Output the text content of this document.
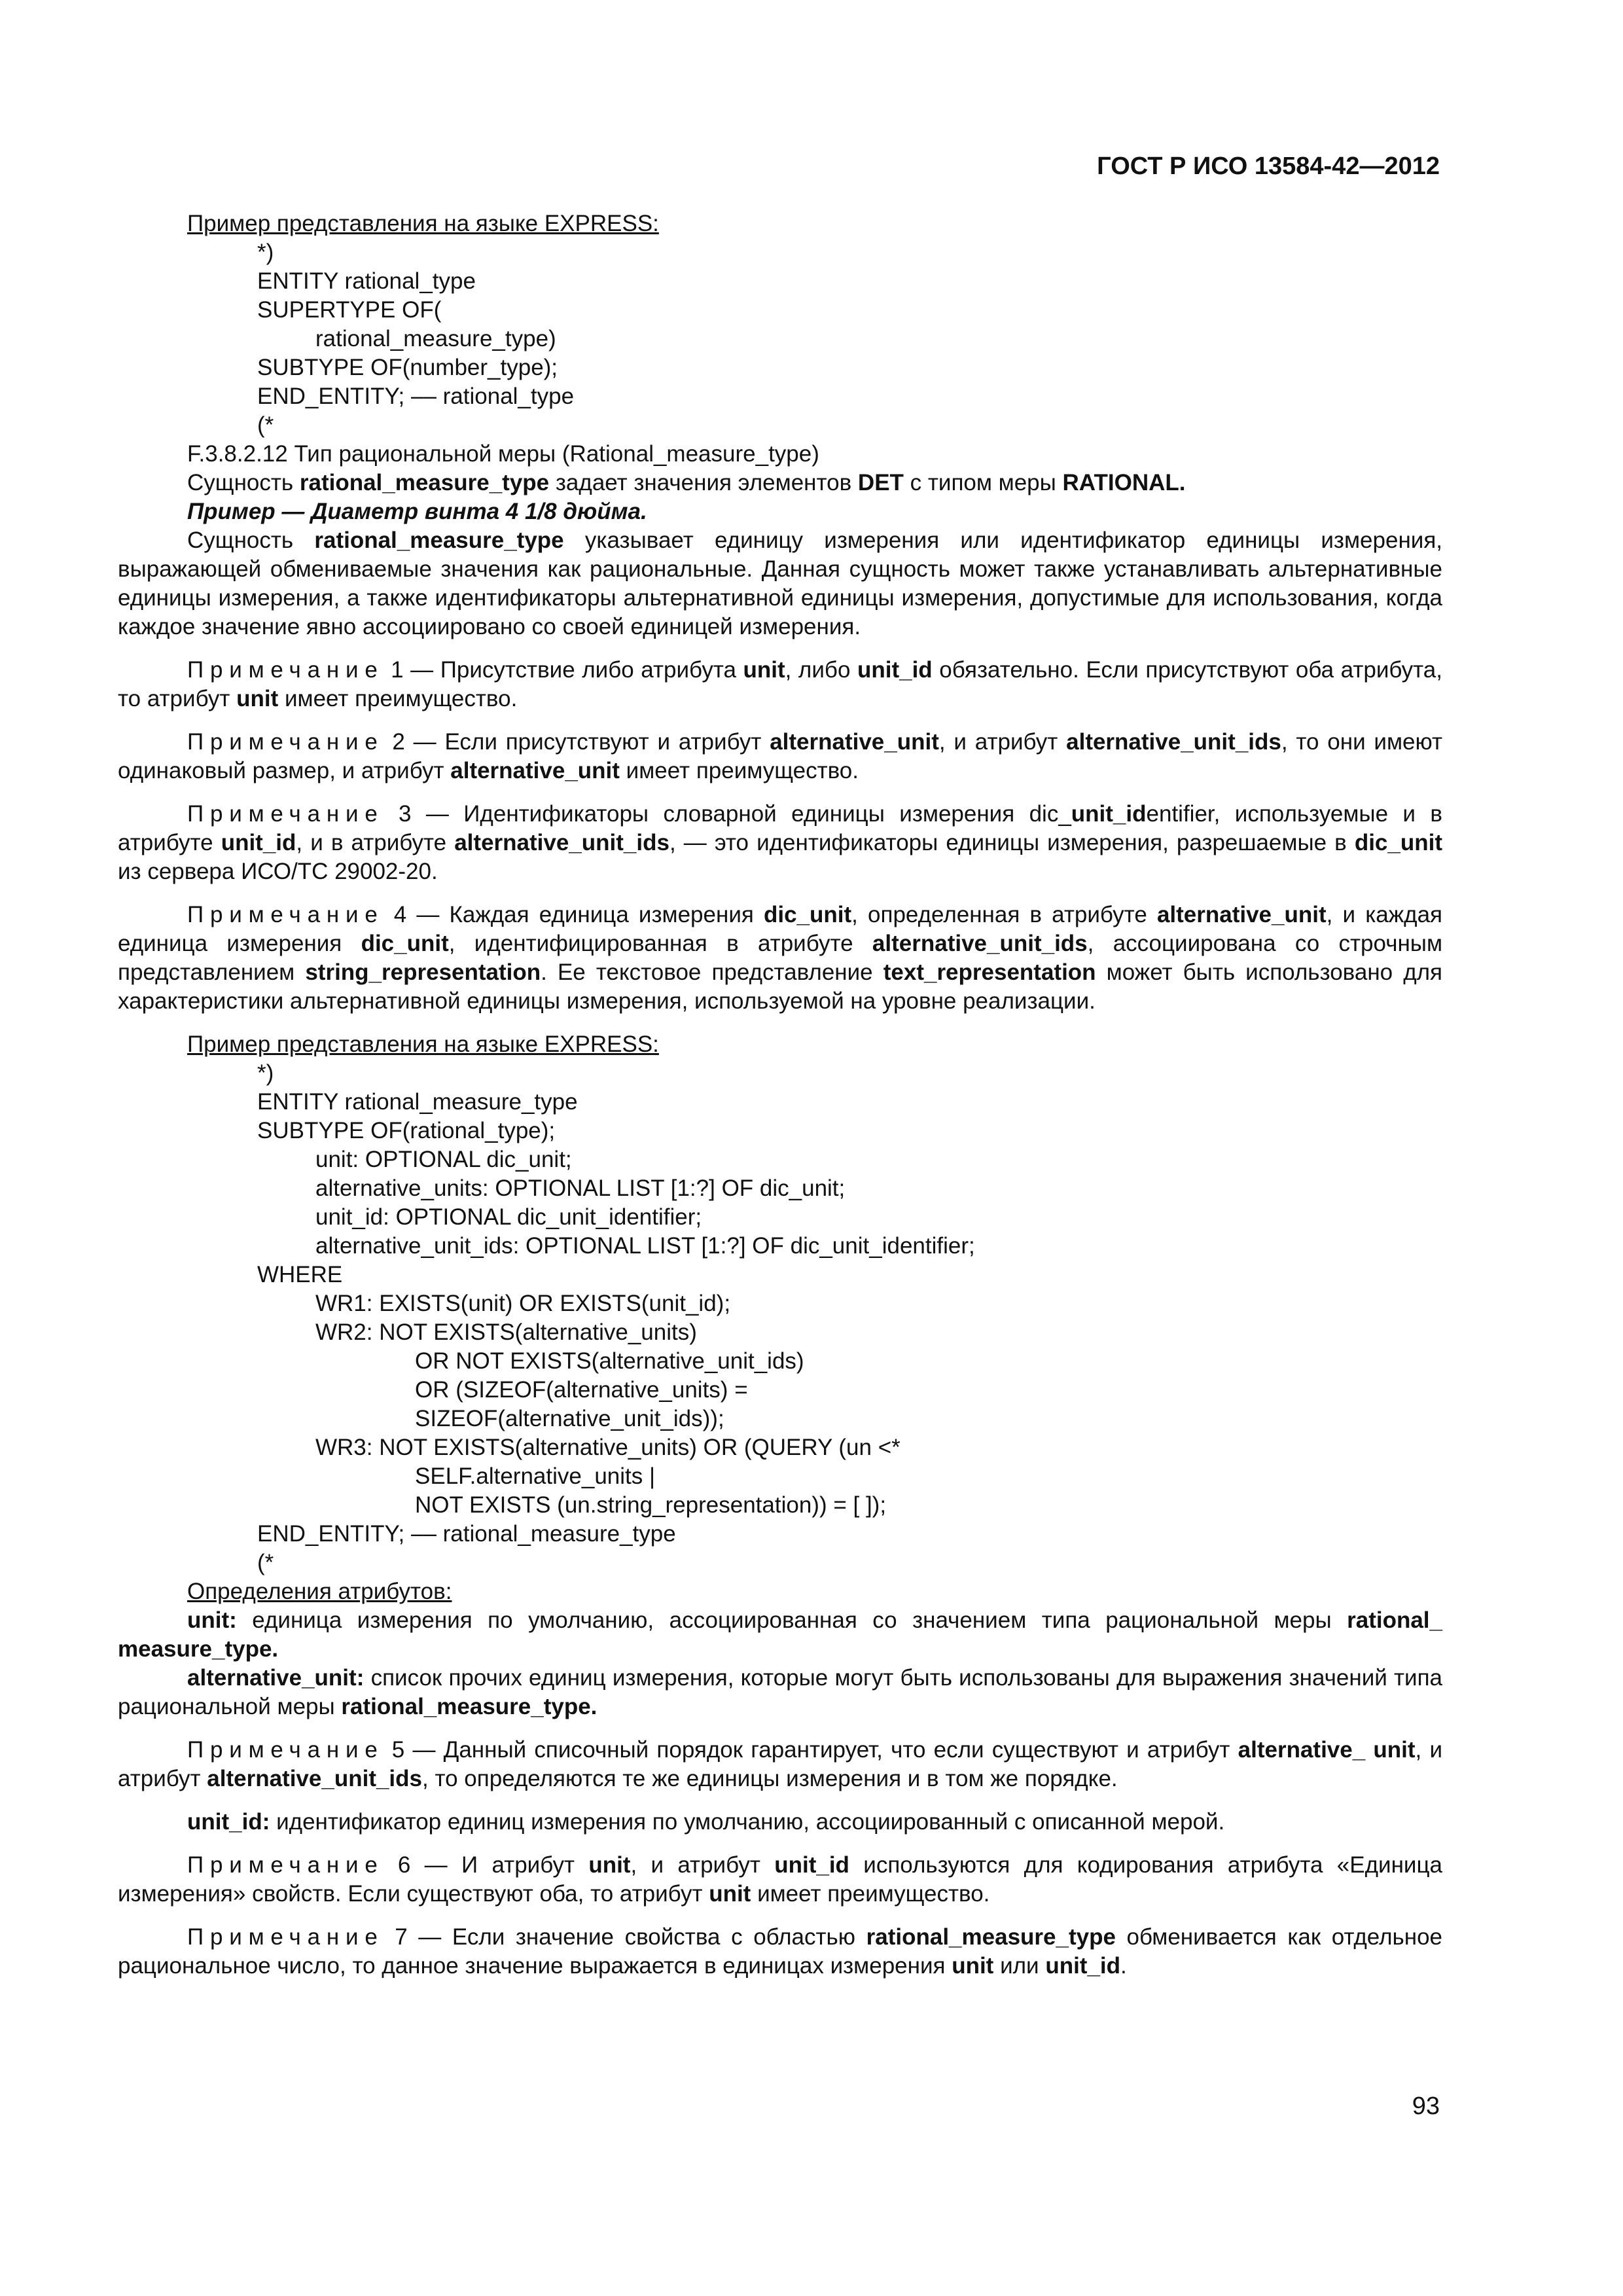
ГОСТ Р ИСО 13584-42—2012

Пример представления на языке EXPRESS:

*)

ENTITY rational_type

SUPERTYPE OF(

rational_measure_type)

SUBTYPE OF(number_type);

END_ENTITY; –– rational_type

(*

F.3.8.2.12 Тип рациональной меры (Rational_measure_type)

Сущность rational_measure_type задает значения элементов DET с типом меры RATIONAL.

Пример — Диаметр винта 4 1/8 дюйма.

Сущность rational_measure_type указывает единицу измерения или идентификатор единицы измерения, выражающей обмениваемые значения как рациональные. Данная сущность может также устанавливать альтернативные единицы измерения, а также идентификаторы альтернативной единицы измерения, допустимые для использования, когда каждое значение явно ассоциировано со своей единицей измерения.

Примечание 1 — Присутствие либо атрибута unit, либо unit_id обязательно. Если присутствуют оба атрибута, то атрибут unit имеет преимущество.

Примечание 2 — Если присутствуют и атрибут alternative_unit, и атрибут alternative_unit_ids, то они имеют одинаковый размер, и атрибут alternative_unit имеет преимущество.

Примечание 3 — Идентификаторы словарной единицы измерения dic_unit_identifier, используемые и в атрибуте unit_id, и в атрибуте alternative_unit_ids, — это идентификаторы единицы измерения, разрешаемые в dic_unit из сервера ИСО/ТС 29002-20.

Примечание 4 — Каждая единица измерения dic_unit, определенная в атрибуте alternative_unit, и каждая единица измерения dic_unit, идентифицированная в атрибуте alternative_unit_ids, ассоциирована со строчным представлением string_representation. Ее текстовое представление text_representation может быть использовано для характеристики альтернативной единицы измерения, используемой на уровне реализации.

Пример представления на языке EXPRESS:

*)

ENTITY rational_measure_type

SUBTYPE OF(rational_type);

unit: OPTIONAL dic_unit;

alternative_units: OPTIONAL LIST [1:?] OF dic_unit;

unit_id: OPTIONAL dic_unit_identifier;

alternative_unit_ids: OPTIONAL LIST [1:?] OF dic_unit_identifier;

WHERE

WR1: EXISTS(unit) OR EXISTS(unit_id);

WR2: NOT EXISTS(alternative_units)

OR NOT EXISTS(alternative_unit_ids)

OR (SIZEOF(alternative_units) =

SIZEOF(alternative_unit_ids));

WR3: NOT EXISTS(alternative_units) OR (QUERY (un <*

SELF.alternative_units |

NOT EXISTS (un.string_representation)) = [ ]);

END_ENTITY; –– rational_measure_type

(*

Определения атрибутов:

unit: единица измерения по умолчанию, ассоциированная со значением типа рациональной меры rational_ measure_type.

alternative_unit: список прочих единиц измерения, которые могут быть использованы для выражения значений типа рациональной меры rational_measure_type.

Примечание 5 — Данный списочный порядок гарантирует, что если существуют и атрибут alternative_ unit, и атрибут alternative_unit_ids, то определяются те же единицы измерения и в том же порядке.

unit_id: идентификатор единиц измерения по умолчанию, ассоциированный с описанной мерой.

Примечание 6 — И атрибут unit, и атрибут unit_id используются для кодирования атрибута «Единица измерения» свойств. Если существуют оба, то атрибут unit имеет преимущество.

Примечание 7 — Если значение свойства с областью rational_measure_type обменивается как отдельное рациональное число, то данное значение выражается в единицах измерения unit или unit_id.

93
